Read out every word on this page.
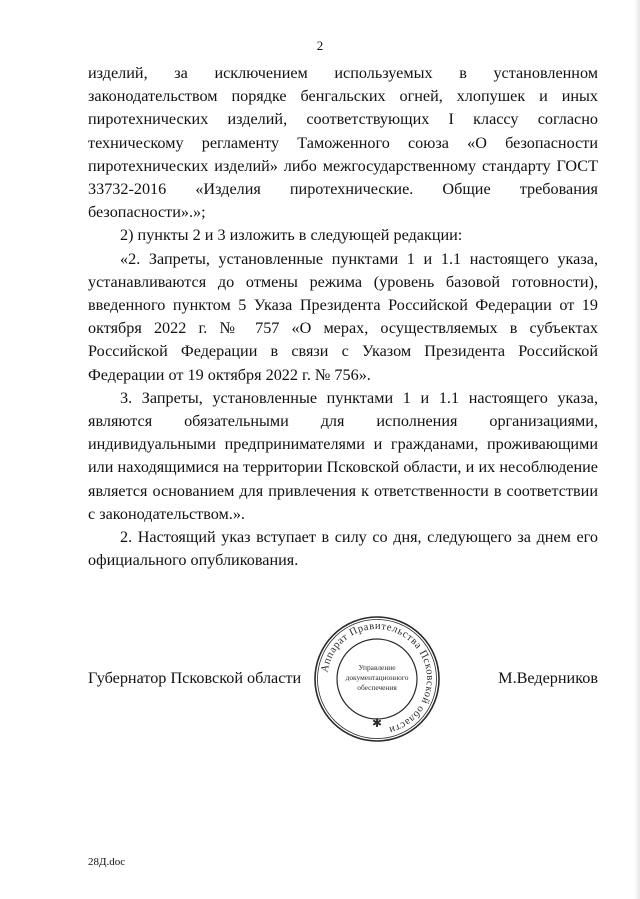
2

изделий, за исключением используемых в установленном законодательством порядке бенгальских огней, хлопушек и иных пиротехнических изделий, соответствующих I классу согласно техническому регламенту Таможенного союза «О безопасности пиротехнических изделий» либо межгосударственному стандарту ГОСТ 33732-2016 «Изделия пиротехнические. Общие требования безопасности».»;

2) пункты 2 и 3 изложить в следующей редакции:

«2. Запреты, установленные пунктами 1 и 1.1 настоящего указа, устанавливаются до отмены режима (уровень базовой готовности), введенного пунктом 5 Указа Президента Российской Федерации от 19 октября 2022 г. № 757 «О мерах, осуществляемых в субъектах Российской Федерации в связи с Указом Президента Российской Федерации от 19 октября 2022 г. № 756».

3. Запреты, установленные пунктами 1 и 1.1 настоящего указа, являются обязательными для исполнения организациями, индивидуальными предпринимателями и гражданами, проживающими или находящимися на территории Псковской области, и их несоблюдение является основанием для привлечения к ответственности в соответствии с законодательством.».

2. Настоящий указ вступает в силу со дня, следующего за днем его официального опубликования.

Губернатор Псковской области	М.Ведерников
Аппарат Правительства Псковской области
Управление
документационного
обеспечения
✱
28Д.doc
